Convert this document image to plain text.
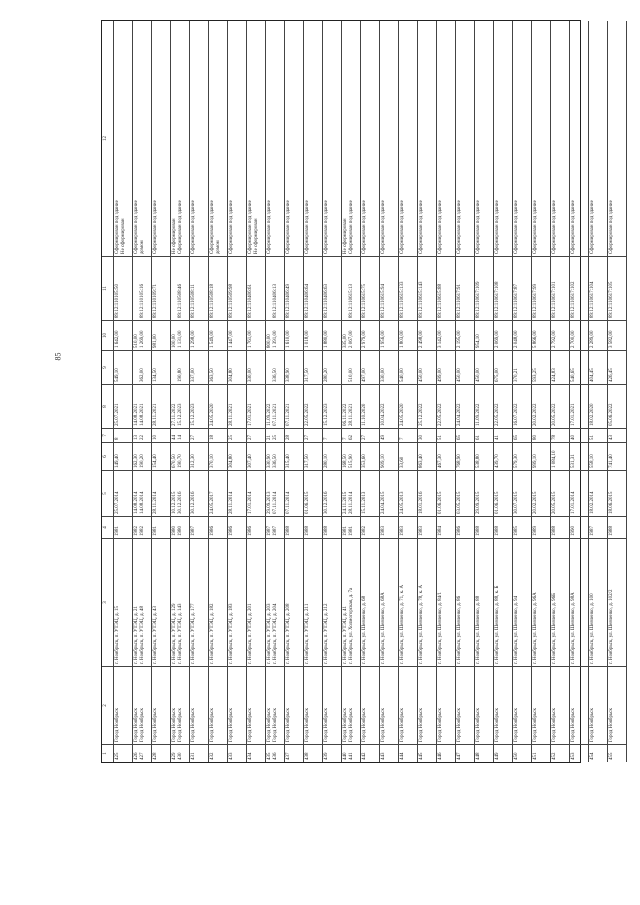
85
1
2
3
4
5
6
7
8
9
10
11
12
425
Город Ноябрьск
г. Ноябрьск, п. УТЭЦ, д. 15
1981
25.07.2014
149,40
8
25.07.2021
549,10
1 642,00
89:12:110105:50
Сформирован под здание
Не сформирован
426
427
Город Ноябрьск
Город Ноябрьск
г. Ноябрьск, п. УТЭЦ, д. 21
г. Ноябрьск, п. УТЭЦ, д. 48
1982
1982
14.08.2014
14.08.2014
162,30
190,20
13
22
14.08.2021
14.08.2021

362,00
510,00
1 269,00

89:12:110105:16
Сформирован под здание
домом
428
Город Ноябрьск
г. Ноябрьск, п. УТЭЦ, д. 43
1981
28.11.2014
154,40
10
28.11.2021
134,50
981,00
89:12:110109:71
Сформирован под здание
429
430
Город Ноябрьск
Город Ноябрьск
г. Ноябрьск, п. УТЭЦ, д. 129
г. Ноябрьск, п. УТЭЦ, д. 143
1980
1980
10.12.2015
30.12.2016
670,50
190,70
44
14
27.11.2022
15.12.2023

190,80
100,00
1 131,00

89:12:110508:46
Не сформирован
Сформирован под здание
431
Город Ноябрьск
г. Ноябрьск, п. УТЭЦ, д. 177
1987
30.12.2016
312,30
27
15.12.2023
337,00
1 298,00
89:12:110508:11
Сформирован под здание
432
Город Ноябрьск
г. Ноябрьск, п. УТЭЦ, д. 182
1986
24.05.2017
370,10
18
24.05.2020
363,50
1 549,00
89:12:110508:18
Сформирован под здание
домом
433
Город Ноябрьск
г. Ноябрьск, п. УТЭЦ, д. 183
1986
28.11.2014
304,80
25
28.11.2021
304,80
1 447,00
89:12:110509:98
Сформирован под здание
434
Город Ноябрьск
г. Ноябрьск, п. УТЭЦ, д. 201
1986
17.01.2014
307,40
27
17.01.2021
330,00
1 761,00
89:12:110406:61
Сформирован под здание
Не сформирован
435
436
Город Ноябрьск
Город Ноябрьск
г. Ноябрьск, п. УТЭЦ, д. 203
г. Ноябрьск, п. УТЭЦ, д. 204
1987
1987
29.09.2013
07.11.2014
330,90
336,50
21
25
11.09.2022
07.11.2021

336,50
800,00
1 391,00

89:12:110406:13
Сформирован под здание
437
Город Ноябрьск
г. Ноябрьск, п. УТЭЦ, д. 208
1988
07.11.2014
315,40
28
07.11.2021
338,90
1 610,00
89:12:110406:49
Сформирован под здание
438
Город Ноябрьск
г. Ноябрьск, п. УТЭЦ, д. 211
1988
01.06.2015
317,50
27
22.05.2022
317,50
1 018,00
89:12:110406:64
Сформирован под здание
439
Город Ноябрьск
г. Ноябрьск, п. УТЭЦ, д. 212
1988
30.12.2016
280,10
7
15.12.2023
280,20
1 880,00
89:12:110406:63
Сформирован под здание
440
441
Город Ноябрьск
Город Ноябрьск
г. Ноябрьск, п. УТЭЦ, д. 41
г. Ноябрьск, ул. Холмогорская, д. 7а
1981
1981
24.11.2015
28.11.2014
168,50
515,90
7
62
06.11.2022
28.11.2021

510,00
335,00
2 067,00

89:12:110615:13
Не сформирован
Сформирован под здание
442
Город Ноябрьск
г. Ноябрьск, ул. Шевченко, д. 68
1982
15.11.2013
353,60
27
11.10.2020
497,00
2 979,00
89:12:110615:75
Сформирован под здание
443
Город Ноябрьск
г. Ноябрьск, ул. Шевченко, д. 68А
1983
24.04.2015
909,10
49
10.04.2022
330,00
1 956,00
89:12:110615:94
Сформирован под здание
444
Город Ноябрьск
г. Ноябрьск, ул. Шевченко, д. 71, к. А
1983
24.05.2013
33,60
7
24.05.2020
540,00
1 803,00
89:12:110615:133
Сформирован под здание
445
Город Ноябрьск
г. Ноябрьск, ул. Шевченко, д. 78, к. А
1983
18.01.2016
863,40
30
25.12.2022
450,00
2 498,00
89:12:110615:143
Сформирован под здание
446
Город Ноябрьск
г. Ноябрьск, ул. Шевченко, д. 84/1
1984
01.06.2015
467,30
51
22.05.2022
499,00
3 142,00
89:12:110615:88
Сформирован под здание
447
Город Ноябрьск
г. Ноябрьск, ул. Шевченко, д. 86
1986
03.05.2015
768,90
65
24.04.2022
450,00
2 195,00
89:12:110617:91
Сформирован под здание
448
Город Ноябрьск
г. Ноябрьск, ул. Шевченко, д. 88
1988
29.09.2015
538,80
61
11.09.2022
450,00
954,10
89:12:110617:109
Сформирован под здание
449
Город Ноябрьск
г. Ноябрьск, ул. Шевченко, д. 88, к. Б
1988
01.06.2015
439,70
41
22.05.2022
675,00
2 069,00
89:12:110617:108
Сформирован под здание
450
Город Ноябрьск
г. Ноябрьск, ул. Шевченко, д. 94
1985
30.07.2015
579,30
65
16.07.2022
370,21
2 048,00
89:12:110617:87
Сформирован под здание
451
Город Ноябрьск
г. Ноябрьск, ул. Шевченко, д. 96А
1989
20.02.2015
999,10
80
20.02.2022
593,25
5 866,00
89:12:110617:99
Сформирован под здание
452
Город Ноябрьск
г. Ноябрьск, ул. Шевченко, д. 96Б
1988
20.05.2015
1 084,10
78
20.05.2022
424,83
2 792,00
89:12:110617:101
Сформирован под здание
453
Город Ноябрьск
г. Ноябрьск, ул. Шевченко, д. 98А
1990
17.01.2014
531,31
40
17.01.2021
540,65
2 700,00
89:12:110617:102
Сформирован под здание
454
Город Ноябрьск
г. Ноябрьск, ул. Шевченко, д. 100
1987
18.02.2014
558,10
51
18.02.2020
404,45
2 289,00
89:12:110617:104
Сформирован под здание
455
Город Ноябрьск
г. Ноябрьск, ул. Шевченко, д. 102/2
1988
18.06.2015
741,40
43
05.06.2022
426,45
3 582,00
89:12:110617:105
Сформирован под здание
